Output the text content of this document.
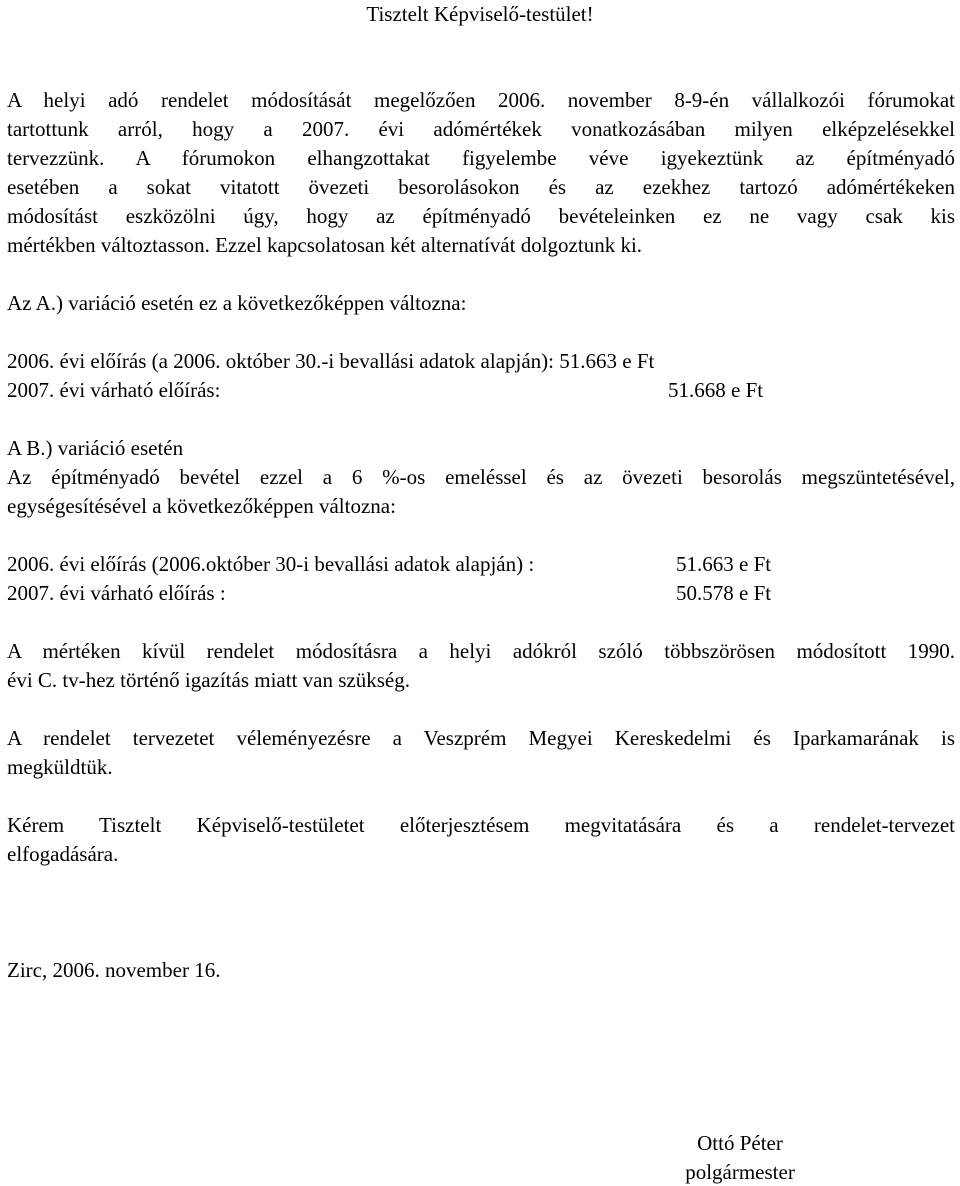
Tisztelt Képviselő-testület!
A helyi adó rendelet módosítását megelőzően 2006. november 8-9-én vállalkozói fórumokat
tartottunk arról, hogy a 2007. évi adómértékek vonatkozásában milyen elképzelésekkel
tervezzünk. A fórumokon elhangzottakat figyelembe véve igyekeztünk az építményadó
esetében a sokat vitatott övezeti besorolásokon és az ezekhez tartozó adómértékeken
módosítást eszközölni úgy, hogy az építményadó bevételeinken ez ne vagy csak kis
mértékben változtasson. Ezzel kapcsolatosan két alternatívát dolgoztunk ki.
Az A.) variáció esetén ez a következőképpen változna:
2006. évi előírás (a 2006. október 30.-i bevallási adatok alapján): 51.663 e Ft
2007. évi várható előírás:	51.668 e Ft
A B.) variáció esetén
Az építményadó bevétel ezzel a 6 %-os emeléssel és az övezeti besorolás megszüntetésével,
egységesítésével a következőképpen változna:
2006. évi előírás (2006.október 30-i bevallási adatok alapján) :	51.663 e Ft
2007. évi várható előírás :	50.578 e Ft
A mértéken kívül rendelet módosításra a helyi adókról szóló többszörösen módosított 1990.
évi C. tv-hez történő igazítás miatt van szükség.
A rendelet tervezetet véleményezésre a Veszprém Megyei Kereskedelmi és Iparkamarának is
megküldtük.
Kérem Tisztelt Képviselő-testületet előterjesztésem megvitatására és a rendelet-tervezet
elfogadására.
Zirc, 2006. november 16.
Ottó Péter
polgármester
